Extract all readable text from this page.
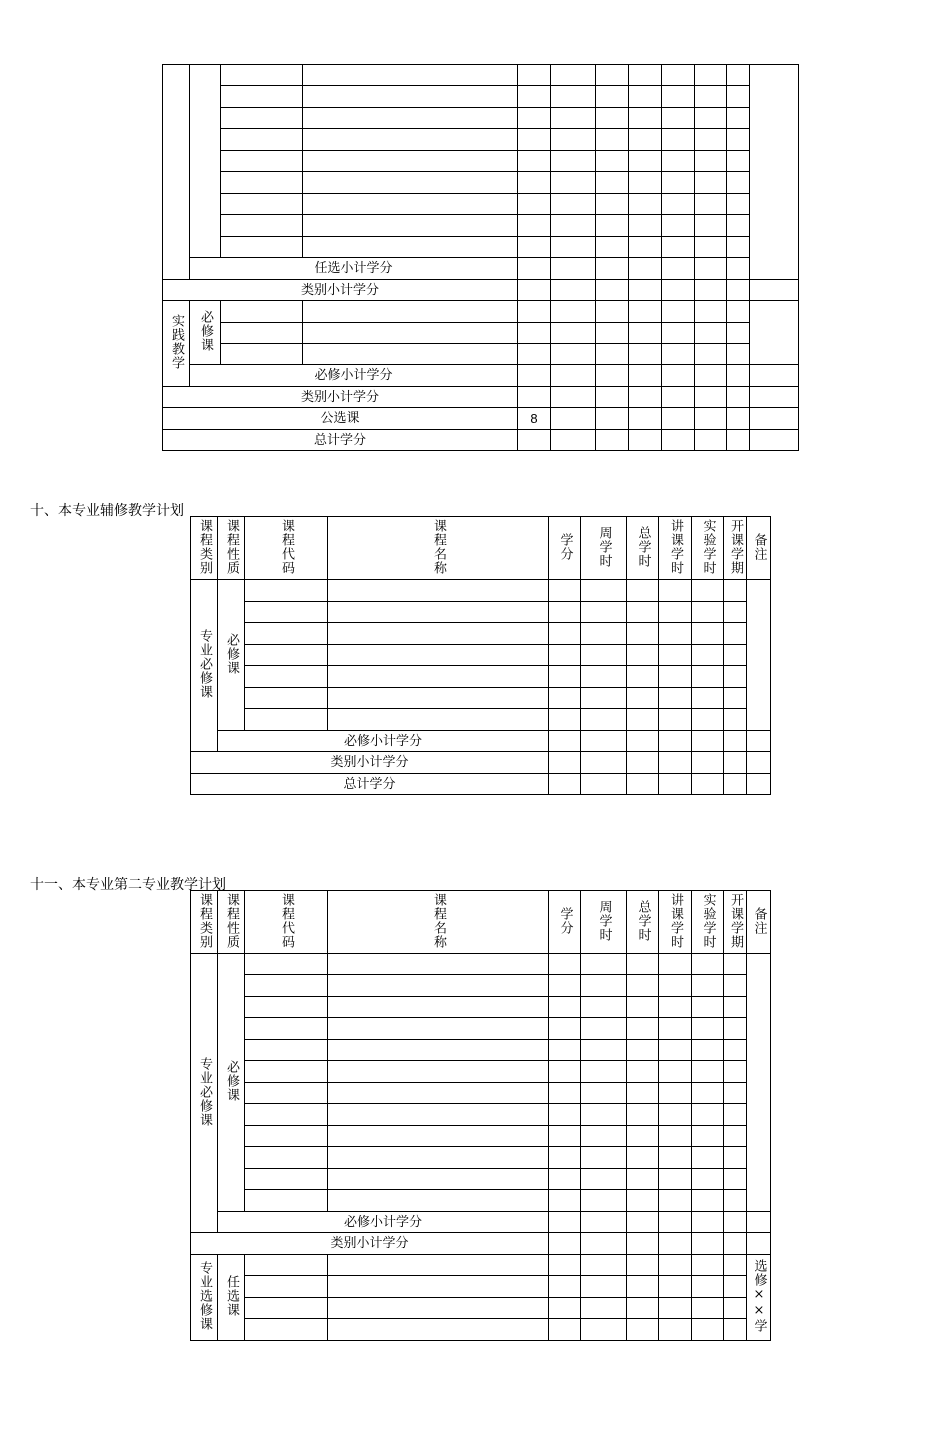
	任选小计学分										
类别小计学分											
实践教学	必修课										

	必修小计学分										
类别小计学分											
公选课				8							
总计学分											
十、本专业辅修教学计划
课程类别	课程性质	课程代码	课程名称	学分	周学时	总学时	讲课学时	实验学时	开课学期	备注
专业必修课	必修课									

	必修小计学分									
类别小计学分										
总计学分										
十一、本专业第二专业教学计划
课程类别	课程性质	课程代码	课程名称	学分	周学时	总学时	讲课学时	实验学时	开课学期	备注
专业必修课	必修课									

	必修小计学分									
类别小计学分										
专业选修课	任选课									选修××学
